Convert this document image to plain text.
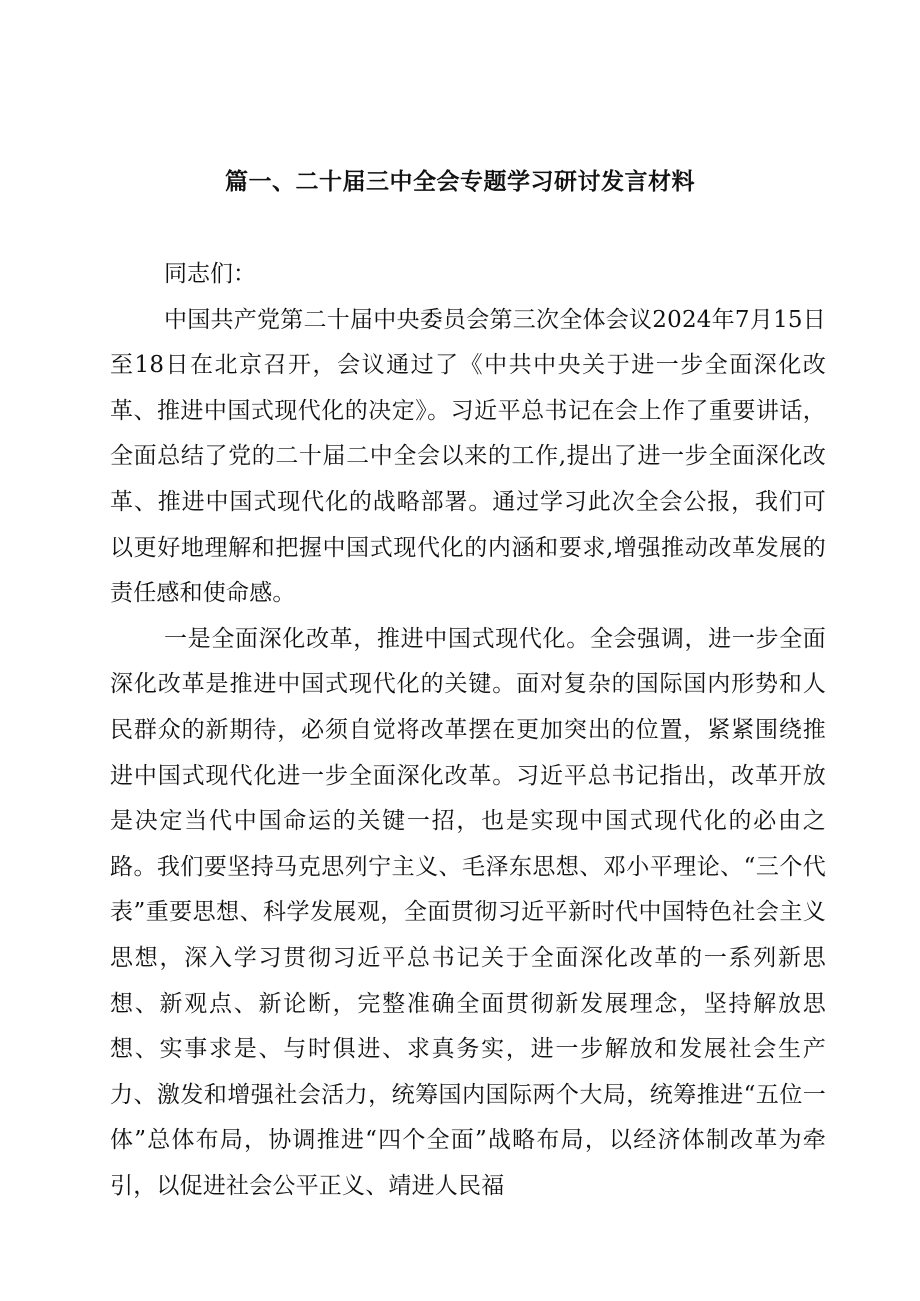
篇一、二十届三中全会专题学习研讨发言材料

同志们：

中国共产党第二十届中央委员会第三次全体会议2024年7月15日至18日在北京召开，会议通过了《中共中央关于进一步全面深化改革、推进中国式现代化的决定》。习近平总书记在会上作了重要讲话，全面总结了党的二十届二中全会以来的工作,提出了进一步全面深化改革、推进中国式现代化的战略部署。通过学习此次全会公报，我们可以更好地理解和把握中国式现代化的内涵和要求,增强推动改革发展的责任感和使命感。

一是全面深化改革，推进中国式现代化。全会强调，进一步全面深化改革是推进中国式现代化的关键。面对复杂的国际国内形势和人民群众的新期待，必须自觉将改革摆在更加突出的位置，紧紧围绕推进中国式现代化进一步全面深化改革。习近平总书记指出，改革开放是决定当代中国命运的关键一招，也是实现中国式现代化的必由之路。我们要坚持马克思列宁主义、毛泽东思想、邓小平理论、“三个代表”重要思想、科学发展观，全面贯彻习近平新时代中国特色社会主义思想，深入学习贯彻习近平总书记关于全面深化改革的一系列新思想、新观点、新论断，完整准确全面贯彻新发展理念，坚持解放思想、实事求是、与时俱进、求真务实，进一步解放和发展社会生产力、激发和增强社会活力，统筹国内国际两个大局，统筹推进“五位一体”总体布局，协调推进“四个全面”战略布局，以经济体制改革为牵引，以促进社会公平正义、靖进人民福
